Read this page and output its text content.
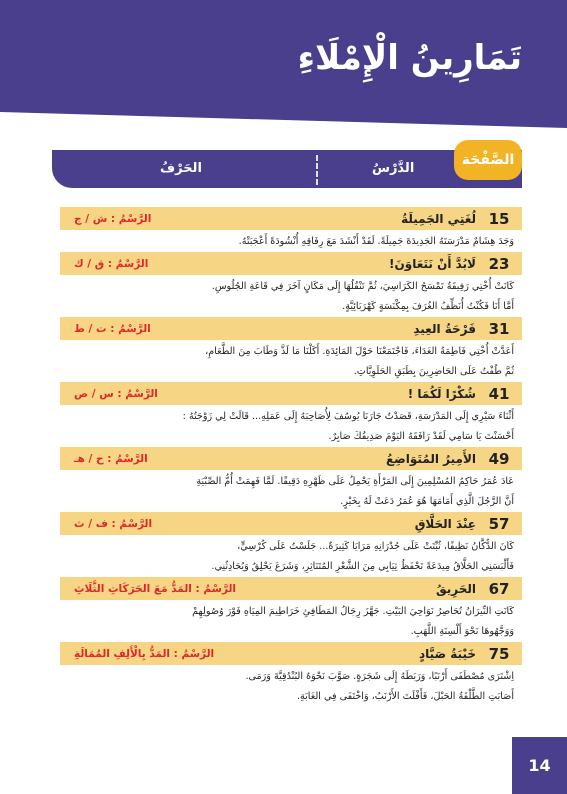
تَمَارِينُ الْإِمْلَاءِ
الدَّرْسُ
الحَرْفُ
الصَّفْحَة
15
لُغَتِي الجَمِيلَةُ
الرَّسْمُ : ش / ج
وَجَدَ هِشَامٌ مَدْرَسَتَهُ الجَدِيدَةَ جَمِيلَةً. لَقَدْ أَنْشَدَ مَعَ رِفَاقِهِ أُنْشُودَةً أَعْجَبَتْهُ.
23
لَابُدَّ أَنْ نَتَعَاوَنَ!
الرَّسْمُ : ق / ك
كَانَتْ أُخْتِي رَفِيقَةُ تَمْسَحُ الكَرَاسِيَ، ثُمَّ تَنْقُلُهَا إِلَى مَكَانٍ آخَرَ فِي قَاعَةِ الجُلُوسِ.
أَمَّا أَنَا فَكُنْتُ أُنَظِّفُ الغُرَفَ بِمِكْنَسَةٍ كَهْرَبَائِيَّةٍ.
31
فَرْحَةُ العِيدِ
الرَّسْمُ : ت / ط
أَعَدَّتْ أُخْتِي فَاطِمَةُ الغَدَاءَ، فَاجْتَمَعْنَا حَوْلَ المَائِدَةِ. أَكَلْنَا مَا لَذَّ وَطَابَ مِنَ الطَّعَامِ،
ثُمَّ طُفْتُ عَلَى الحَاضِرِينَ بِطَبَقِ الحَلَوِيَّاتِ.
41
شُكْرًا لَكُمَا !
الرَّسْمُ : س / ص
أَثْنَاءَ سَيْرِي إِلَى المَدْرَسَةِ، قَصَدْتُ جَارَنَا يُوسُفَ لِأُصَاحِبَهُ إِلَى عَمَلِهِ... قَالَتْ لِي زَوْجَتُهُ :
أَحْسَنْتَ يَا سَامِي لَقَدْ رَافَقَهُ اليَوْمَ صَدِيقُكَ صَابِرٌ.
49
الأَمِيرُ المُتَوَاضِعُ
الرَّسْمُ : ح / هـ
عَادَ عُمَرُ حَاكِمُ المُسْلِمِينَ إِلَى المَرْأَةِ يَحْمِلُ عَلَى ظَهْرِهِ دَقِيقًا. لَمَّا فَهِمَتْ أُمُّ الصِّبْيَةِ
أَنَّ الرَّجُلَ الَّذِي أَمَامَهَا هُوَ عُمَرُ دَعَتْ لَهُ بِخَيْرٍ.
57
عِنْدَ الحَلَّاقِ
الرَّسْمُ : ف / ث
كَانَ الدُّكَّانُ نَظِيفًا، ثُبِّتَتْ عَلَى جُدْرَانِهِ مَرَايَا كَثِيرَةٌ... جَلَسْتُ عَلَى كُرْسِيٍّ،
فَأَلْبَسَنِي الحَلَّاقُ مِيدَعَةً تَحْفَظُ ثِيَابِي مِنَ الشَّعْرِ المُتَنَاثِرِ، وَشَرَعَ يَحْلِقُ وَيُحَادِثُنِي.
67
الحَرِيقُ
الرَّسْمُ : المَدُّ مَعَ الحَرَكَاتِ الثَّلَاثِ
كَانَتِ النِّيرَانُ تُحَاصِرُ نَوَاحِيَ البَيْتِ. جَهَّزَ رِجَالُ المَطَافِئِ خَرَاطِيمَ المِيَاهِ فَوْرَ وُصُولِهِمْ
وَوَجَّهُوهَا نَحْوَ أَلْسِنَةِ اللَّهَبِ.
75
خَيْبَةُ صَيَّادٍ
الرَّسْمُ : المَدُّ بِالْأَلِفِ المُمَالَةِ
اِشْتَرَى مُصْطَفَى أَرْنَبًا، وَرَبَطَهُ إِلَى شَجَرَةٍ. صَوَّبَ نَحْوَهُ البُنْدُقِيَّةَ وَرَمَى.
أَصَابَتِ الطَّلْقَةُ الحَبْلَ، فَأَفْلَتَ الأَرْنَبُ، وَاخْتَفَى فِي الغَابَةِ.
14
